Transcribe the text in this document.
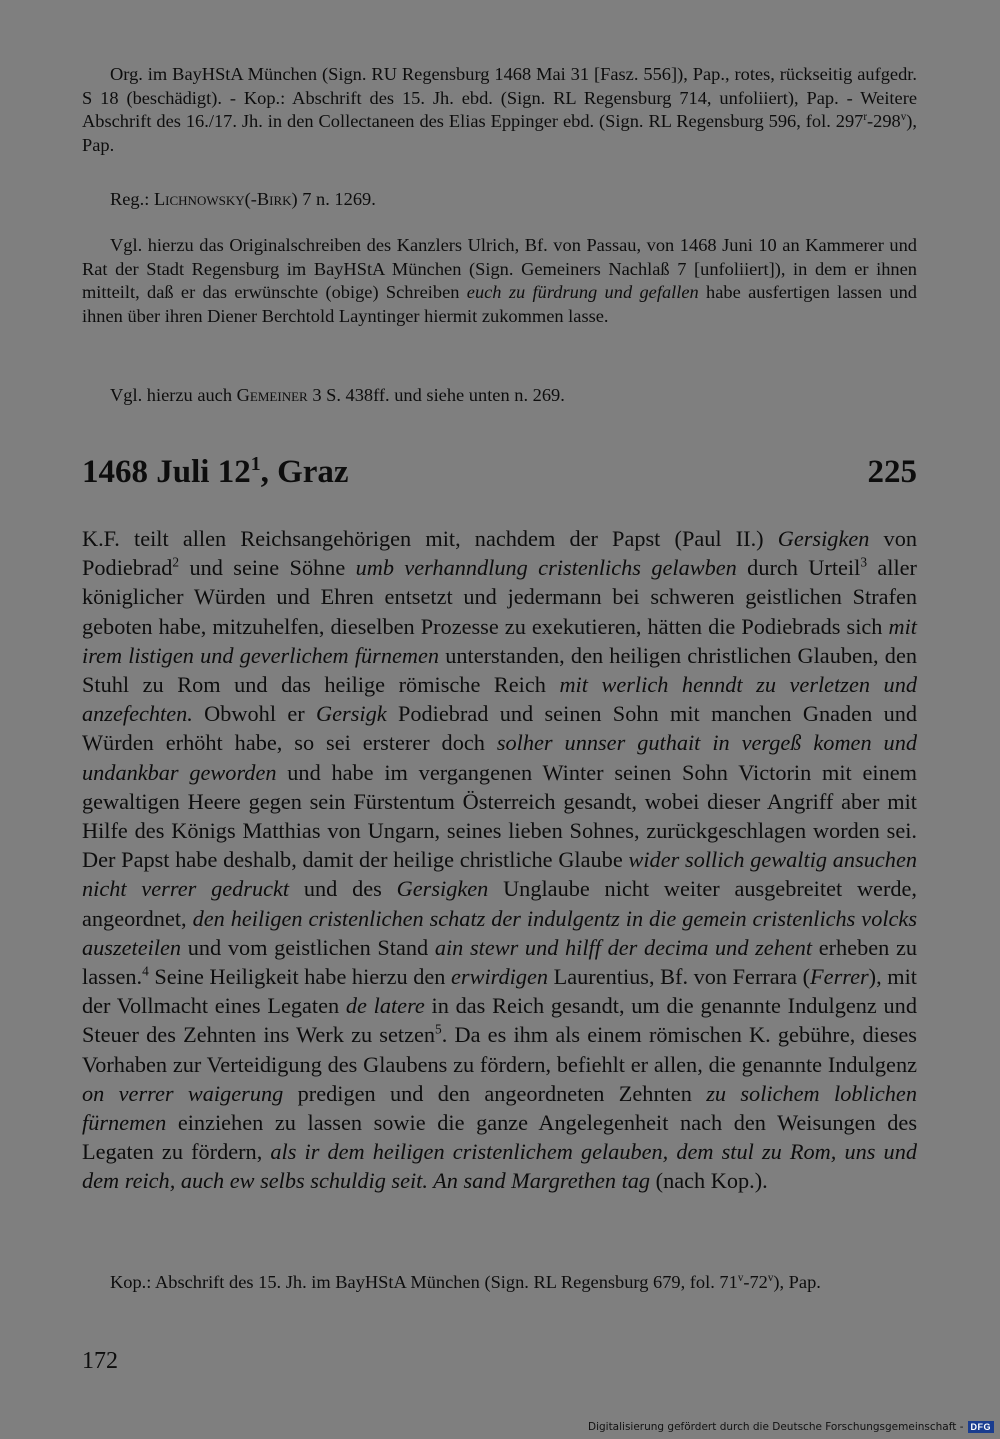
Org. im BayHStA München (Sign. RU Regensburg 1468 Mai 31 [Fasz. 556]), Pap., rotes, rückseitig aufgedr. S 18 (beschädigt). - Kop.: Abschrift des 15. Jh. ebd. (Sign. RL Regensburg 714, unfoliiert), Pap. - Weitere Abschrift des 16./17. Jh. in den Collectaneen des Elias Eppinger ebd. (Sign. RL Regensburg 596, fol. 297$^r$-298$^v$), Pap.

Reg.: Lichnowsky(-Birk) 7 n. 1269.

Vgl. hierzu das Originalschreiben des Kanzlers Ulrich, Bf. von Passau, von 1468 Juni 10 an Kammerer und Rat der Stadt Regensburg im BayHStA München (Sign. Gemeiners Nachlaß 7 [unfoliiert]), in dem er ihnen mitteilt, daß er das erwünschte (obige) Schreiben euch zu fürdrung und gefallen habe ausfertigen lassen und ihnen über ihren Diener Berchtold Layntinger hiermit zukommen lasse.

Vgl. hierzu auch Gemeiner 3 S. 438ff. und siehe unten n. 269.

1468 Juli $12^1$, Graz	225

K.F. teilt allen Reichsangehörigen mit, nachdem der Papst (Paul II.) Gersigken von Podiebrad$^2$ und seine Söhne umb verhanndlung cristenlichs gelawben durch Urteil$^3$ aller königlicher Würden und Ehren entsetzt und jedermann bei schweren geistlichen Strafen geboten habe, mitzuhelfen, dieselben Prozesse zu exekutieren, hätten die Podiebrads sich mit irem listigen und geverlichem fürnemen unterstanden, den heiligen christlichen Glauben, den Stuhl zu Rom und das heilige römische Reich mit werlich henndt zu verletzen und anzefechten. Obwohl er Gersigk Podiebrad und seinen Sohn mit manchen Gnaden und Würden erhöht habe, so sei ersterer doch solher unnser guthait in vergeß komen und undankbar geworden und habe im vergangenen Winter seinen Sohn Victorin mit einem gewaltigen Heere gegen sein Fürstentum Österreich gesandt, wobei dieser Angriff aber mit Hilfe des Königs Matthias von Ungarn, seines lieben Sohnes, zurückgeschlagen worden sei. Der Papst habe deshalb, damit der heilige christliche Glaube wider sollich gewaltig ansuchen nicht verrer gedruckt und des Gersigken Unglaube nicht weiter ausgebreitet werde, angeordnet, den heiligen cristenlichen schatz der indulgentz in die gemein cristenlichs volcks auszeteilen und vom geistlichen Stand ain stewr und hilff der decima und zehent erheben zu lassen.$^4$ Seine Heiligkeit habe hierzu den erwirdigen Laurentius, Bf. von Ferrara (Ferrer), mit der Vollmacht eines Legaten de latere in das Reich gesandt, um die genannte Indulgenz und Steuer des Zehnten ins Werk zu setzen$^5$. Da es ihm als einem römischen K. gebühre, dieses Vorhaben zur Verteidigung des Glaubens zu fördern, befiehlt er allen, die genannte Indulgenz on verrer waigerung predigen und den angeordneten Zehnten zu solichem loblichen fürnemen einziehen zu lassen sowie die ganze Angelegenheit nach den Weisungen des Legaten zu fördern, als ir dem heiligen cristenlichem gelauben, dem stul zu Rom, uns und dem reich, auch ew selbs schuldig seit. An sand Margrethen tag (nach Kop.).

Kop.: Abschrift des 15. Jh. im BayHStA München (Sign. RL Regensburg 679, fol. 71$^v$-72$^v$), Pap.

172
Digitalisierung gefördert durch die Deutsche Forschungsgemeinschaft - DFG
